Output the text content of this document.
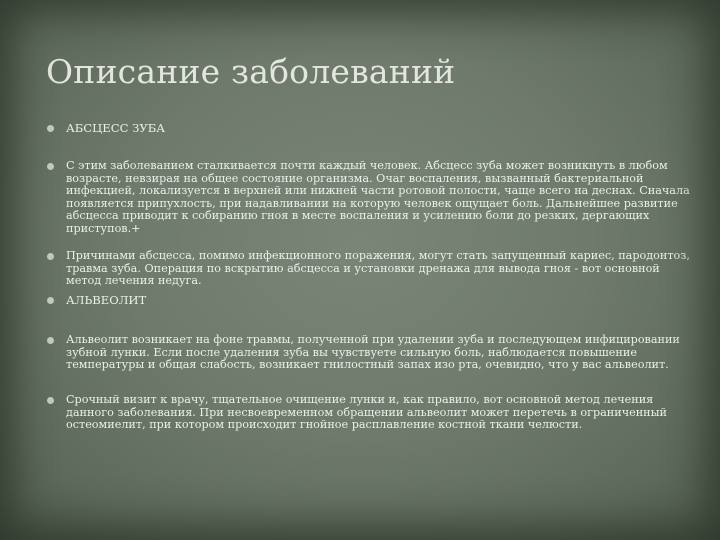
Описание заболеваний
АБСЦЕСС ЗУБА
С этим заболеванием сталкивается почти каждый человек. Абсцесс зуба может возникнуть в любом возрасте, невзирая на общее состояние организма. Очаг воспаления, вызванный бактериальной инфекцией, локализуется в верхней или нижней части ротовой полости, чаще всего на деснах. Сначала появляется припухлость, при надавливании на которую человек ощущает боль. Дальнейшее развитие абсцесса приводит к собиранию гноя в месте воспаления и усилению боли до резких, дергающих приступов.+
Причинами абсцесса, помимо инфекционного поражения, могут стать запущенный кариес, пародонтоз, травма зуба. Операция по вскрытию абсцесса и установки дренажа для вывода гноя - вот основной метод лечения недуга.
АЛЬВЕОЛИТ
Альвеолит возникает на фоне травмы, полученной при удалении зуба и последующем инфицировании зубной лунки. Если после удаления зуба вы чувствуете сильную боль, наблюдается повышение температуры и общая слабость, возникает гнилостный запах изо рта, очевидно, что у вас альвеолит.
Срочный визит к врачу, тщательное очищение лунки и, как правило, вот основной метод лечения данного заболевания. При несвоевременном обращении альвеолит может перетечь в ограниченный остеомиелит, при котором происходит гнойное расплавление костной ткани челюсти.
